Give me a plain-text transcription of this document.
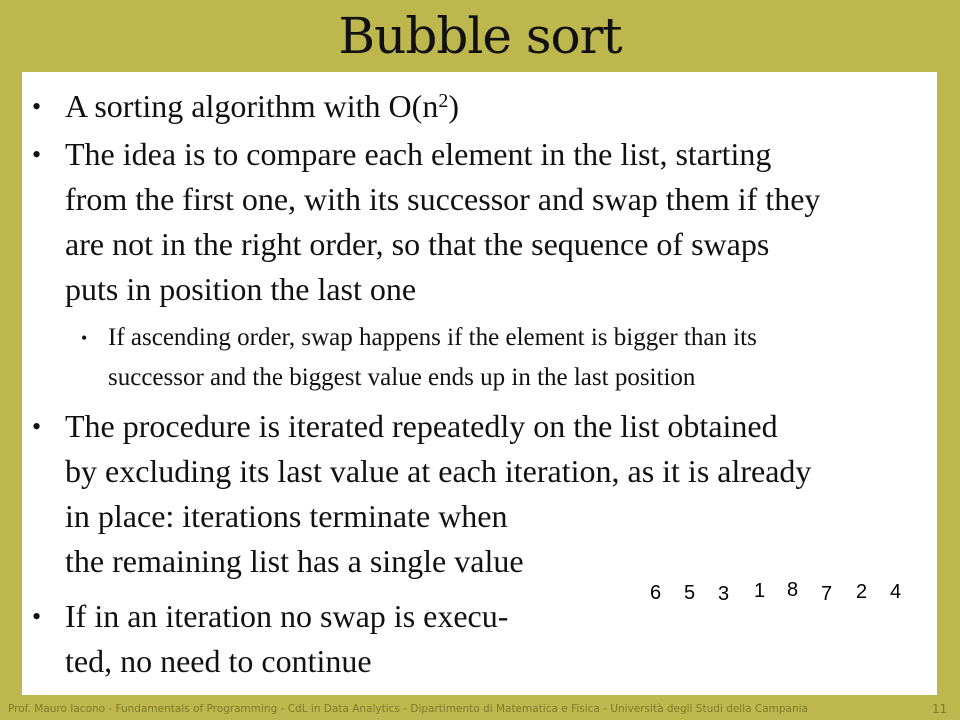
Bubble sort
• A sorting algorithm with $O(n^2)$
• The idea is to compare each element in the list, starting
from the first one, with its successor and swap them if they
are not in the right order, so that the sequence of swaps
puts in position the last one
• If ascending order, swap happens if the element is bigger than its
successor and the biggest value ends up in the last position
• The procedure is iterated repeatedly on the list obtained
by excluding its last value at each iteration, as it is already
in place: iterations terminate when
the remaining list has a single value
• If in an iteration no swap is execu-
ted, no need to continue
6 5 3 1 8 7 2 4
Prof. Mauro Iacono - Fundamentals of Programming - CdL in Data Analytics - Dipartimento di Matematica e Fisica - Università degli Studi della Campania	11
